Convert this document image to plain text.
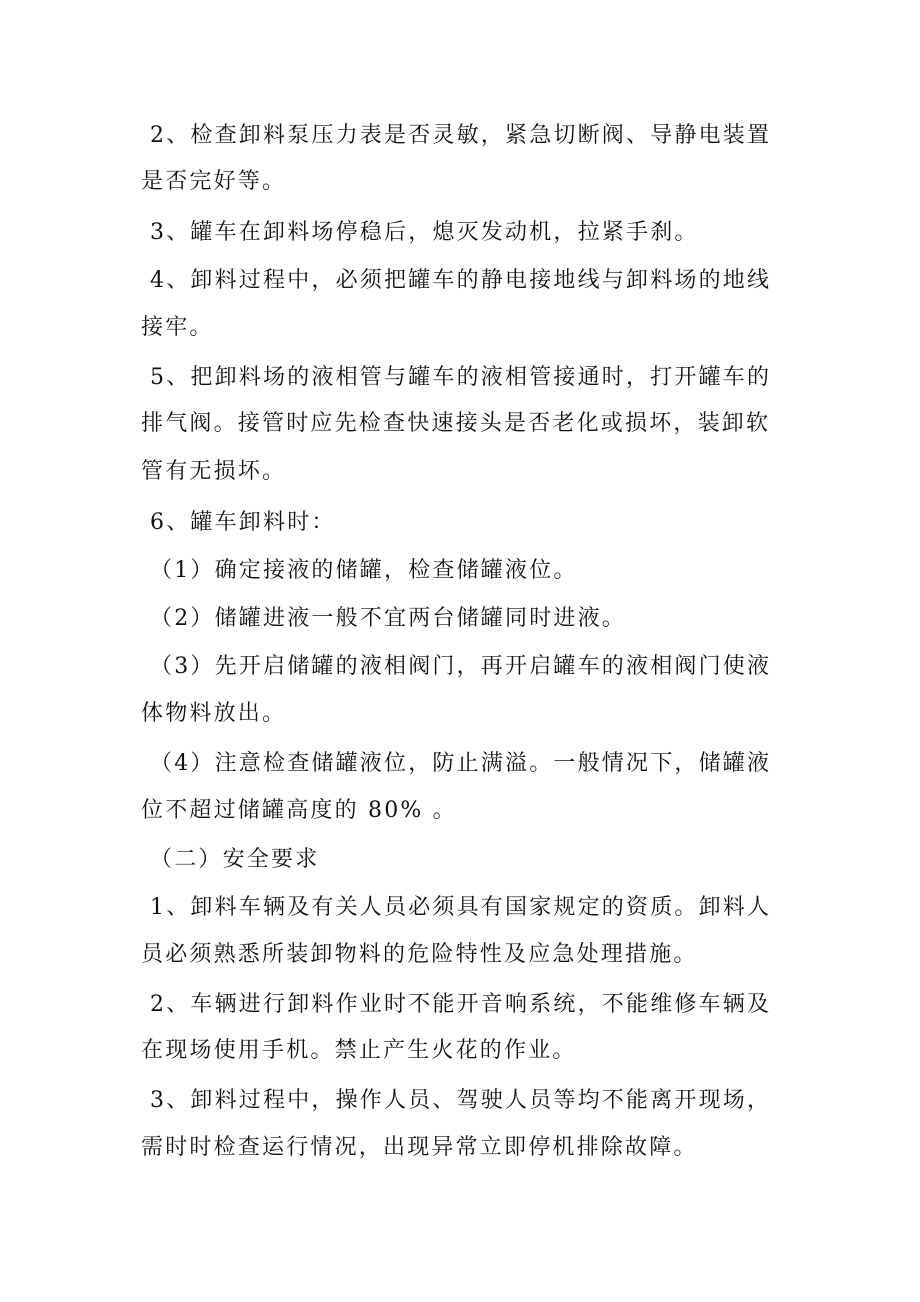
2、检查卸料泵压力表是否灵敏，紧急切断阀、导静电装置
是否完好等。
3、罐车在卸料场停稳后，熄灭发动机，拉紧手刹。
4、卸料过程中，必须把罐车的静电接地线与卸料场的地线
接牢。
5、把卸料场的液相管与罐车的液相管接通时，打开罐车的
排气阀。接管时应先检查快速接头是否老化或损坏，装卸软
管有无损坏。
6、罐车卸料时：
（1）确定接液的储罐，检查储罐液位。
（2）储罐进液一般不宜两台储罐同时进液。
（3）先开启储罐的液相阀门，再开启罐车的液相阀门使液
体物料放出。
（4）注意检查储罐液位，防止满溢。一般情况下，储罐液
位不超过储罐高度的 80% 。
（二）安全要求
1、卸料车辆及有关人员必须具有国家规定的资质。卸料人
员必须熟悉所装卸物料的危险特性及应急处理措施。
2、车辆进行卸料作业时不能开音响系统，不能维修车辆及
在现场使用手机。禁止产生火花的作业。
3、卸料过程中，操作人员、驾驶人员等均不能离开现场，
需时时检查运行情况，出现异常立即停机排除故障。
